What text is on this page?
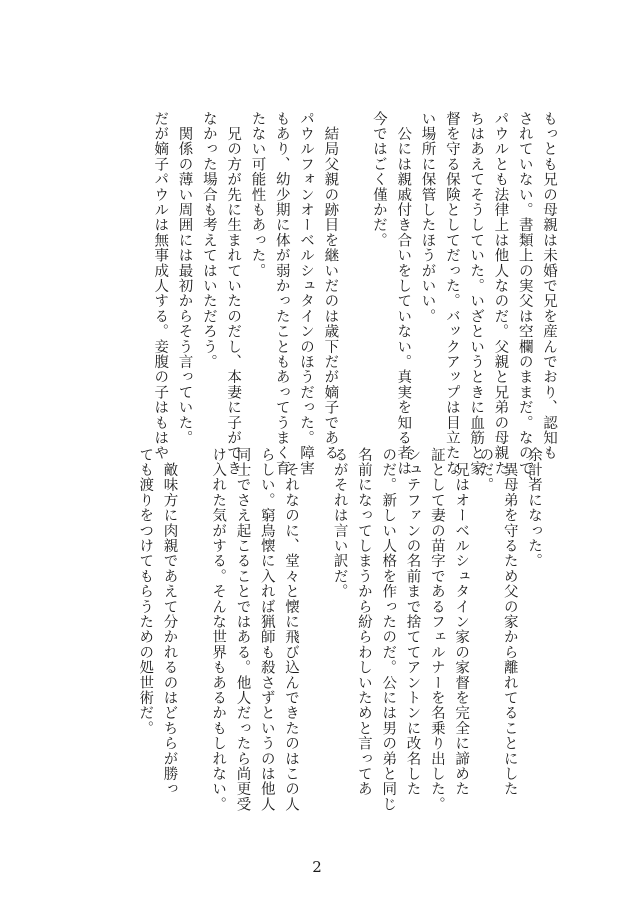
もっとも兄の母親は未婚で兄を産んでおり、認知も
されていない。書類上の実父は空欄のままだ。なので、
パウルとも法律上は他人なのだ。父親と兄弟の母親た
ちはあえてそうしていた。いざというときに血筋と家
督を守る保険としてだった。バックアップは目立たな
い場所に保管したほうがいい。
　公には親戚付き合いをしていない。真実を知る者は
今ではごく僅かだ。
　結局父親の跡目を継いだのは歳下だが嫡子である
パウルフォンオーベルシュタインのほうだった。障害
もあり、幼少期に体が弱かったこともあってうまく育
たない可能性もあった。
　兄の方が先に生まれていたのだし、本妻に子ができ
なかった場合も考えてはいただろう。
　関係の薄い周囲には最初からそう言っていた。
だが嫡子パウルは無事成人する。妾腹の子はもはや
余計者になった。
　異母弟を守るため父の家から離れてることにした
のだ。
　兄はオーベルシュタイン家の家督を完全に諦めた
証として妻の苗字であるフェルナーを名乗り出した。
シュテファンの名前まで捨ててアントンに改名した
のだ。新しい人格を作ったのだ。公には男の弟と同じ
名前になってしまうから紛らわしいためと言ってあ
るがそれは言い訳だ。
　それなのに、堂々と懐に飛び込んできたのはこの人
らしい。窮鳥懐に入れば猟師も殺さずというのは他人
同士でさえ起こることではある。他人だったら尚更受
け入れた気がする。そんな世界もあるかもしれない。
　敵味方に肉親であえて分かれるのはどちらが勝っ
ても渡りをつけてもらうための処世術だ。
2
